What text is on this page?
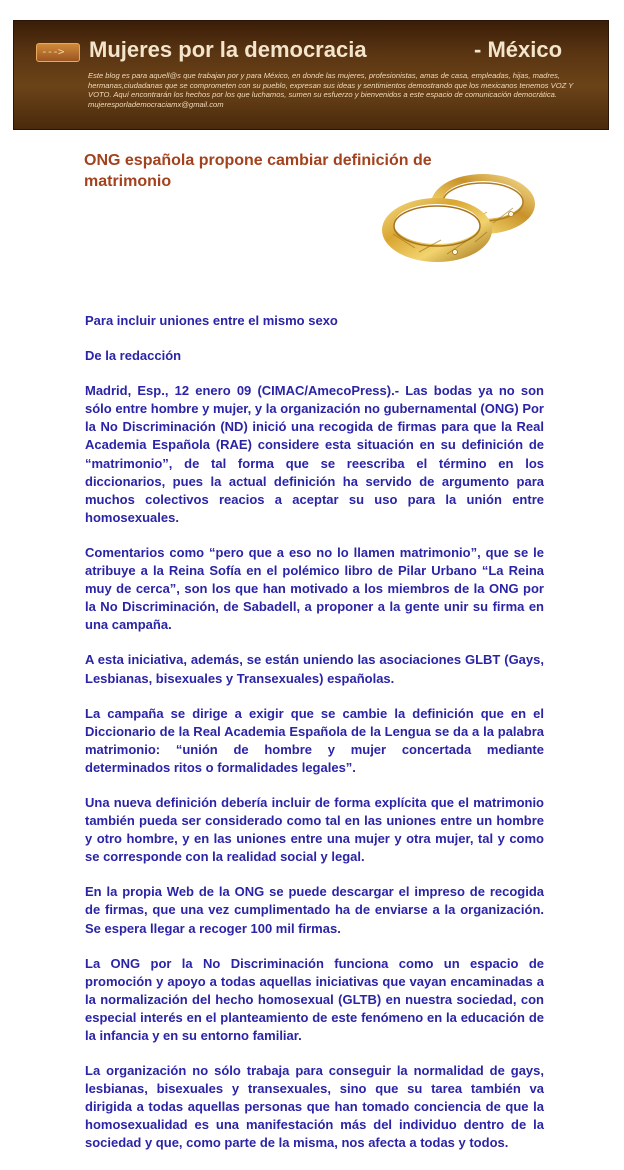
---> Mujeres por la democracia	- México
Este blog es para aquell@s que trabajan por y para México, en donde las mujeres, profesionistas, amas de casa, empleadas, hijas, madres, hermanas,ciudadanas que se comprometen con su pueblo, expresan sus ideas y sentimientos demostrando que los mexicanos tenemos VOZ Y VOTO. Aquí encontrarán los hechos por los que luchamos, sumen su esfuerzo y bienvenidos a este espacio de comunicación democrática. mujeresporlademocraciamx@gmail.com
ONG española propone cambiar definición de matrimonio

Para incluir uniones entre el mismo sexo

De la redacción

Madrid, Esp., 12 enero 09 (CIMAC/AmecoPress).- Las bodas ya no son sólo entre hombre y mujer, y la organización no gubernamental (ONG) Por la No Discriminación (ND) inició una recogida de firmas para que la Real Academia Española (RAE) considere esta situación en su definición de “matrimonio”, de tal forma que se reescriba el término en los diccionarios, pues la actual definición ha servido de argumento para muchos colectivos reacios a aceptar su uso para la unión entre homosexuales.

Comentarios como “pero que a eso no lo llamen matrimonio”, que se le atribuye a la Reina Sofía en el polémico libro de Pilar Urbano “La Reina muy de cerca”, son los que han motivado a los miembros de la ONG por la No Discriminación, de Sabadell, a proponer a la gente unir su firma en una campaña.

A esta iniciativa, además, se están uniendo las asociaciones GLBT (Gays, Lesbianas, bisexuales y Transexuales) españolas.

La campaña se dirige a exigir que se cambie la definición que en el Diccionario de la Real Academia Española de la Lengua se da a la palabra matrimonio: “unión de hombre y mujer concertada mediante determinados ritos o formalidades legales”.

Una nueva definición debería incluir de forma explícita que el matrimonio también pueda ser considerado como tal en las uniones entre un hombre y otro hombre, y en las uniones entre una mujer y otra mujer, tal y como se corresponde con la realidad social y legal.

En la propia Web de la ONG se puede descargar el impreso de recogida de firmas, que una vez cumplimentado ha de enviarse a la organización. Se espera llegar a recoger 100 mil firmas.

La ONG por la No Discriminación funciona como un espacio de promoción y apoyo a todas aquellas iniciativas que vayan encaminadas a la normalización del hecho homosexual (GLTB) en nuestra sociedad, con especial interés en el planteamiento de este fenómeno en la educación de la infancia y en su entorno familiar.

La organización no sólo trabaja para conseguir la normalidad de gays, lesbianas, bisexuales y transexuales, sino que su tarea también va dirigida a todas aquellas personas que han tomado conciencia de que la homosexualidad es una manifestación más del individuo dentro de la sociedad y que, como parte de la misma, nos afecta a todas y todos.
